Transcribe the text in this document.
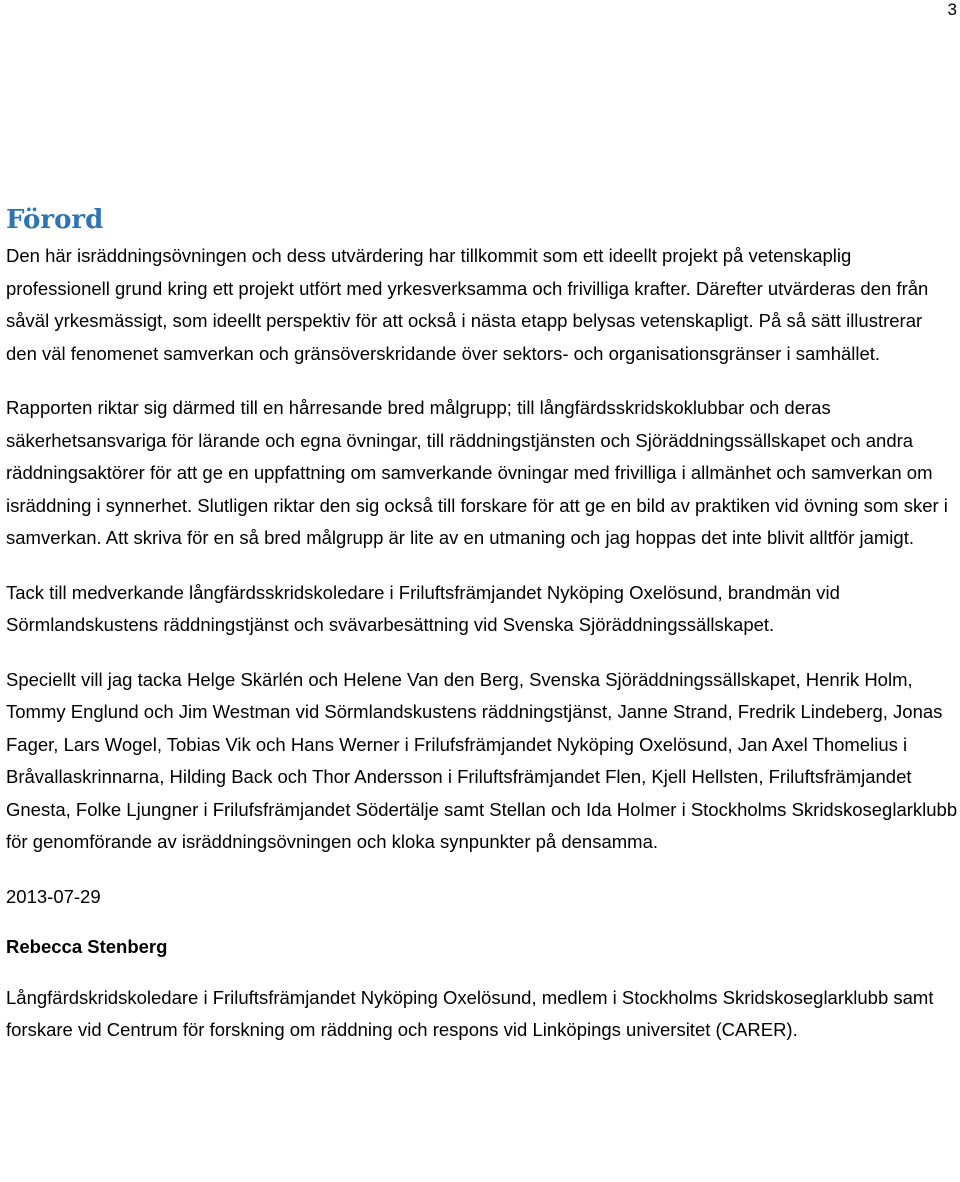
3
Förord

Den här isräddningsövningen och dess utvärdering har tillkommit som ett ideellt projekt på vetenskaplig professionell grund kring ett projekt utfört med yrkesverksamma och frivilliga krafter. Därefter utvärderas den från såväl yrkesmässigt, som ideellt perspektiv för att också i nästa etapp belysas vetenskapligt. På så sätt illustrerar den väl fenomenet samverkan och gränsöverskridande över sektors- och organisationsgränser i samhället.

Rapporten riktar sig därmed till en hårresande bred målgrupp; till långfärdsskridskoklubbar och deras säkerhetsansvariga för lärande och egna övningar, till räddningstjänsten och Sjöräddningssällskapet och andra räddningsaktörer för att ge en uppfattning om samverkande övningar med frivilliga i allmänhet och samverkan om isräddning i synnerhet. Slutligen riktar den sig också till forskare för att ge en bild av praktiken vid övning som sker i samverkan. Att skriva för en så bred målgrupp är lite av en utmaning och jag hoppas det inte blivit alltför jamigt.

Tack till medverkande långfärdsskridskoledare i Friluftsfrämjandet Nyköping Oxelösund, brandmän vid Sörmlandskustens räddningstjänst och svävarbesättning vid Svenska Sjöräddningssällskapet.

Speciellt vill jag tacka Helge Skärlén och Helene Van den Berg, Svenska Sjöräddningssällskapet, Henrik Holm, Tommy Englund och Jim Westman vid Sörmlandskustens räddningstjänst, Janne Strand, Fredrik Lindeberg, Jonas Fager, Lars Wogel, Tobias Vik och Hans Werner i Frilufsfrämjandet Nyköping Oxelösund, Jan Axel Thomelius i Bråvallaskrinnarna, Hilding Back och Thor Andersson i Friluftsfrämjandet Flen, Kjell Hellsten, Friluftsfrämjandet Gnesta, Folke Ljungner i Frilufsfrämjandet Södertälje samt Stellan och Ida Holmer i Stockholms Skridskoseglarklubb för genomförande av isräddningsövningen och kloka synpunkter på densamma.

2013-07-29

Rebecca Stenberg

Långfärdskridskoledare i Friluftsfrämjandet Nyköping Oxelösund, medlem i Stockholms Skridskoseglarklubb samt forskare vid Centrum för forskning om räddning och respons vid Linköpings universitet (CARER).
